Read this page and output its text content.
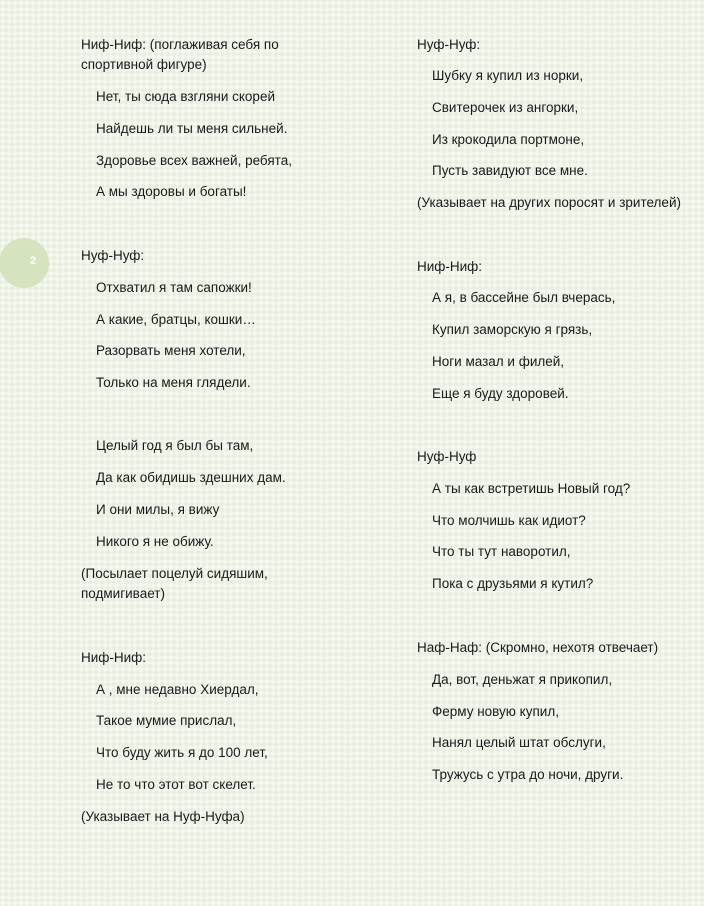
2
Ниф-Ниф: (поглаживая себя по
спортивной фигуре)
Нет, ты сюда взгляни скорей
Найдешь ли ты меня сильней.
Здоровье всех важней, ребята,
А мы здоровы и богаты!
Нуф-Нуф:
Отхватил я там сапожки!
А какие, братцы, кошки…
Разорвать меня хотели,
Только на меня глядели.
Целый год я был бы там,
Да как обидишь здешних дам.
И они милы, я вижу
Никого я не обижу.
(Посылает поцелуй сидяшим,
подмигивает)
Ниф-Ниф:
А , мне недавно Хиердал,
Такое мумие прислал,
Что буду жить я до 100 лет,
Не то что этот вот скелет.
(Указывает на Нуф-Нуфа)
Нуф-Нуф:
Шубку я купил из норки,
Свитерочек из ангорки,
Из крокодила портмоне,
Пусть завидуют все мне.
(Указывает на других поросят и зрителей)
Ниф-Ниф:
А я, в бассейне был вчерась,
Купил заморскую я грязь,
Ноги мазал и филей,
Еще я буду здоровей.
Нуф-Нуф
А ты как встретишь Новый год?
Что молчишь как идиот?
Что ты тут наворотил,
Пока с друзьями я кутил?
Наф-Наф: (Скромно, нехотя отвечает)
Да, вот, деньжат я прикопил,
Ферму новую купил,
Нанял целый штат обслуги,
Тружусь с утра до ночи, други.
